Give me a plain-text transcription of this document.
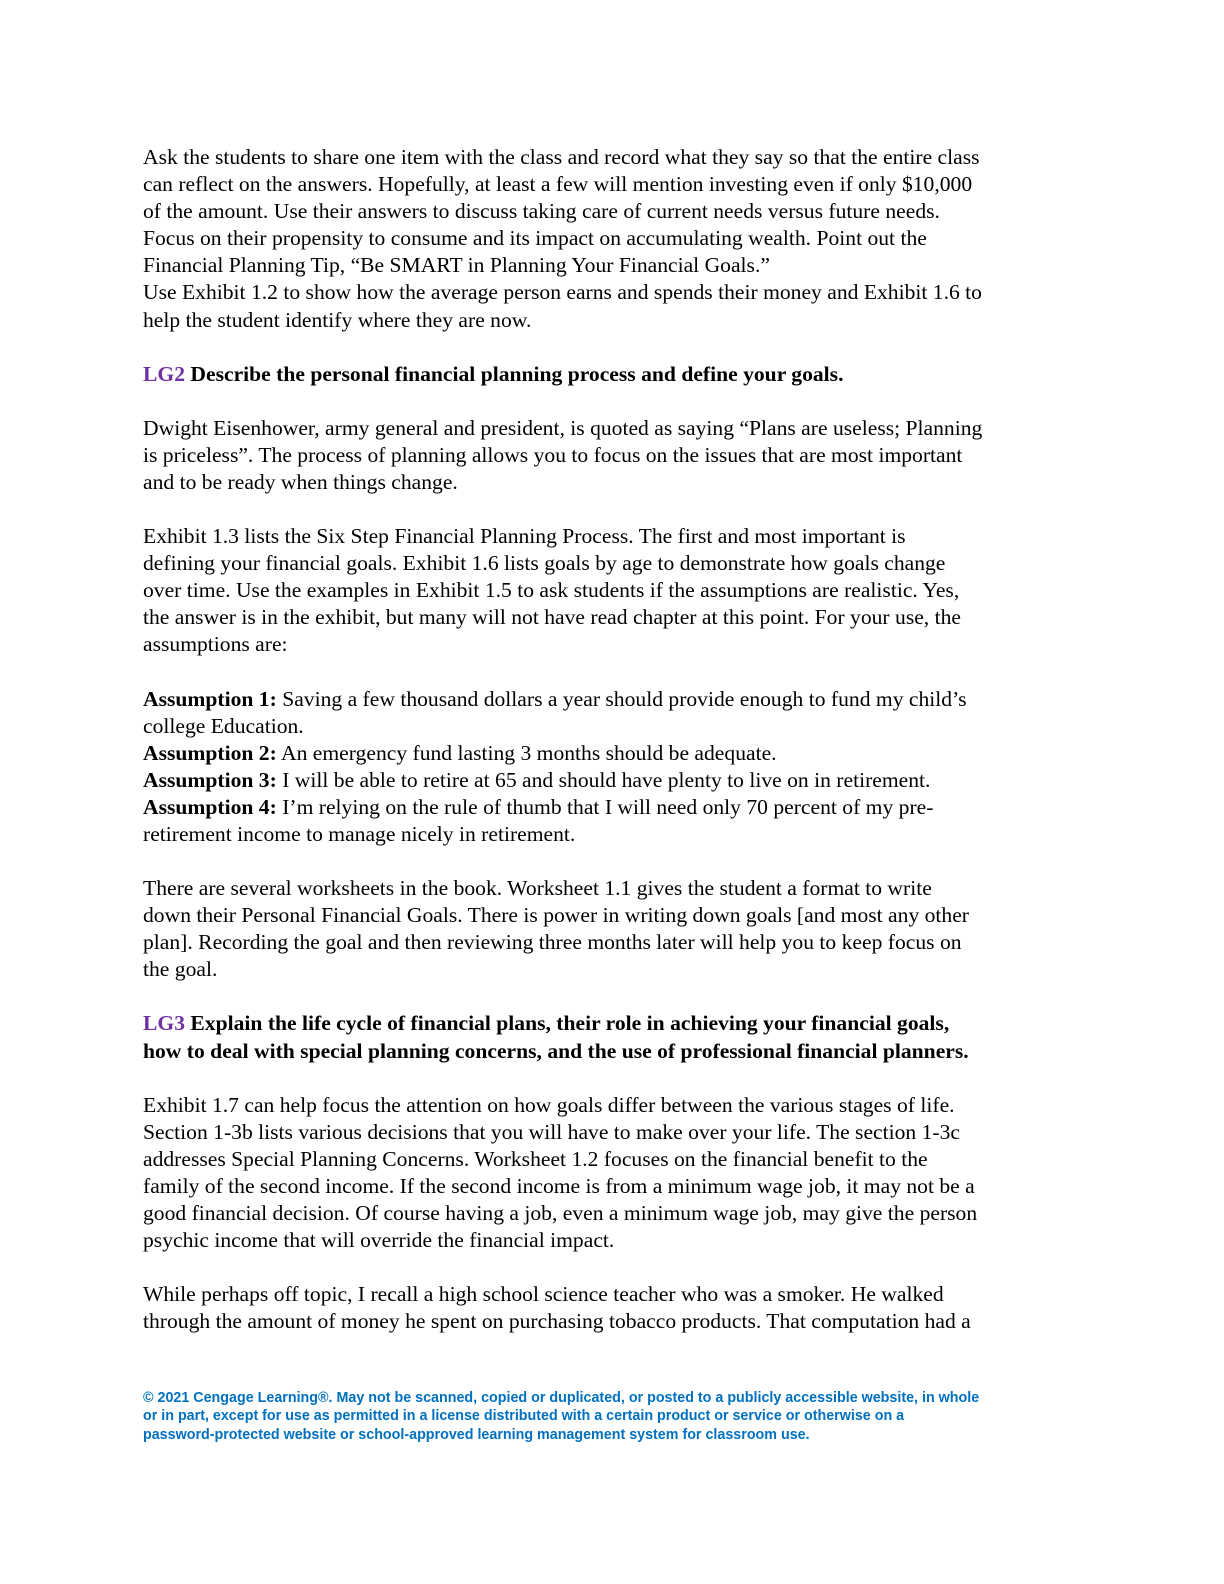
Ask the students to share one item with the class and record what they say so that the entire class

can reflect on the answers. Hopefully, at least a few will mention investing even if only $10,000

of the amount. Use their answers to discuss taking care of current needs versus future needs.

Focus on their propensity to consume and its impact on accumulating wealth. Point out the

Financial Planning Tip, “Be SMART in Planning Your Financial Goals.”

Use Exhibit 1.2 to show how the average person earns and spends their money and Exhibit 1.6 to

help the student identify where they are now.

LG2 Describe the personal financial planning process and define your goals.

Dwight Eisenhower, army general and president, is quoted as saying “Plans are useless; Planning

is priceless”. The process of planning allows you to focus on the issues that are most important

and to be ready when things change.

Exhibit 1.3 lists the Six Step Financial Planning Process. The first and most important is

defining your financial goals. Exhibit 1.6 lists goals by age to demonstrate how goals change

over time. Use the examples in Exhibit 1.5 to ask students if the assumptions are realistic. Yes,

the answer is in the exhibit, but many will not have read chapter at this point. For your use, the

assumptions are:

Assumption 1: Saving a few thousand dollars a year should provide enough to fund my child’s

college Education.

Assumption 2: An emergency fund lasting 3 months should be adequate.

Assumption 3: I will be able to retire at 65 and should have plenty to live on in retirement.

Assumption 4: I’m relying on the rule of thumb that I will need only 70 percent of my pre-

retirement income to manage nicely in retirement.

There are several worksheets in the book. Worksheet 1.1 gives the student a format to write

down their Personal Financial Goals. There is power in writing down goals [and most any other

plan]. Recording the goal and then reviewing three months later will help you to keep focus on

the goal.

LG3 Explain the life cycle of financial plans, their role in achieving your financial goals,

how to deal with special planning concerns, and the use of professional financial planners.

Exhibit 1.7 can help focus the attention on how goals differ between the various stages of life.

Section 1-3b lists various decisions that you will have to make over your life. The section 1-3c

addresses Special Planning Concerns. Worksheet 1.2 focuses on the financial benefit to the

family of the second income. If the second income is from a minimum wage job, it may not be a

good financial decision. Of course having a job, even a minimum wage job, may give the person

psychic income that will override the financial impact.

While perhaps off topic, I recall a high school science teacher who was a smoker. He walked

through the amount of money he spent on purchasing tobacco products. That computation had a

© 2021 Cengage Learning®. May not be scanned, copied or duplicated, or posted to a publicly accessible website, in whole
or in part, except for use as permitted in a license distributed with a certain product or service or otherwise on a
password-protected website or school-approved learning management system for classroom use.
